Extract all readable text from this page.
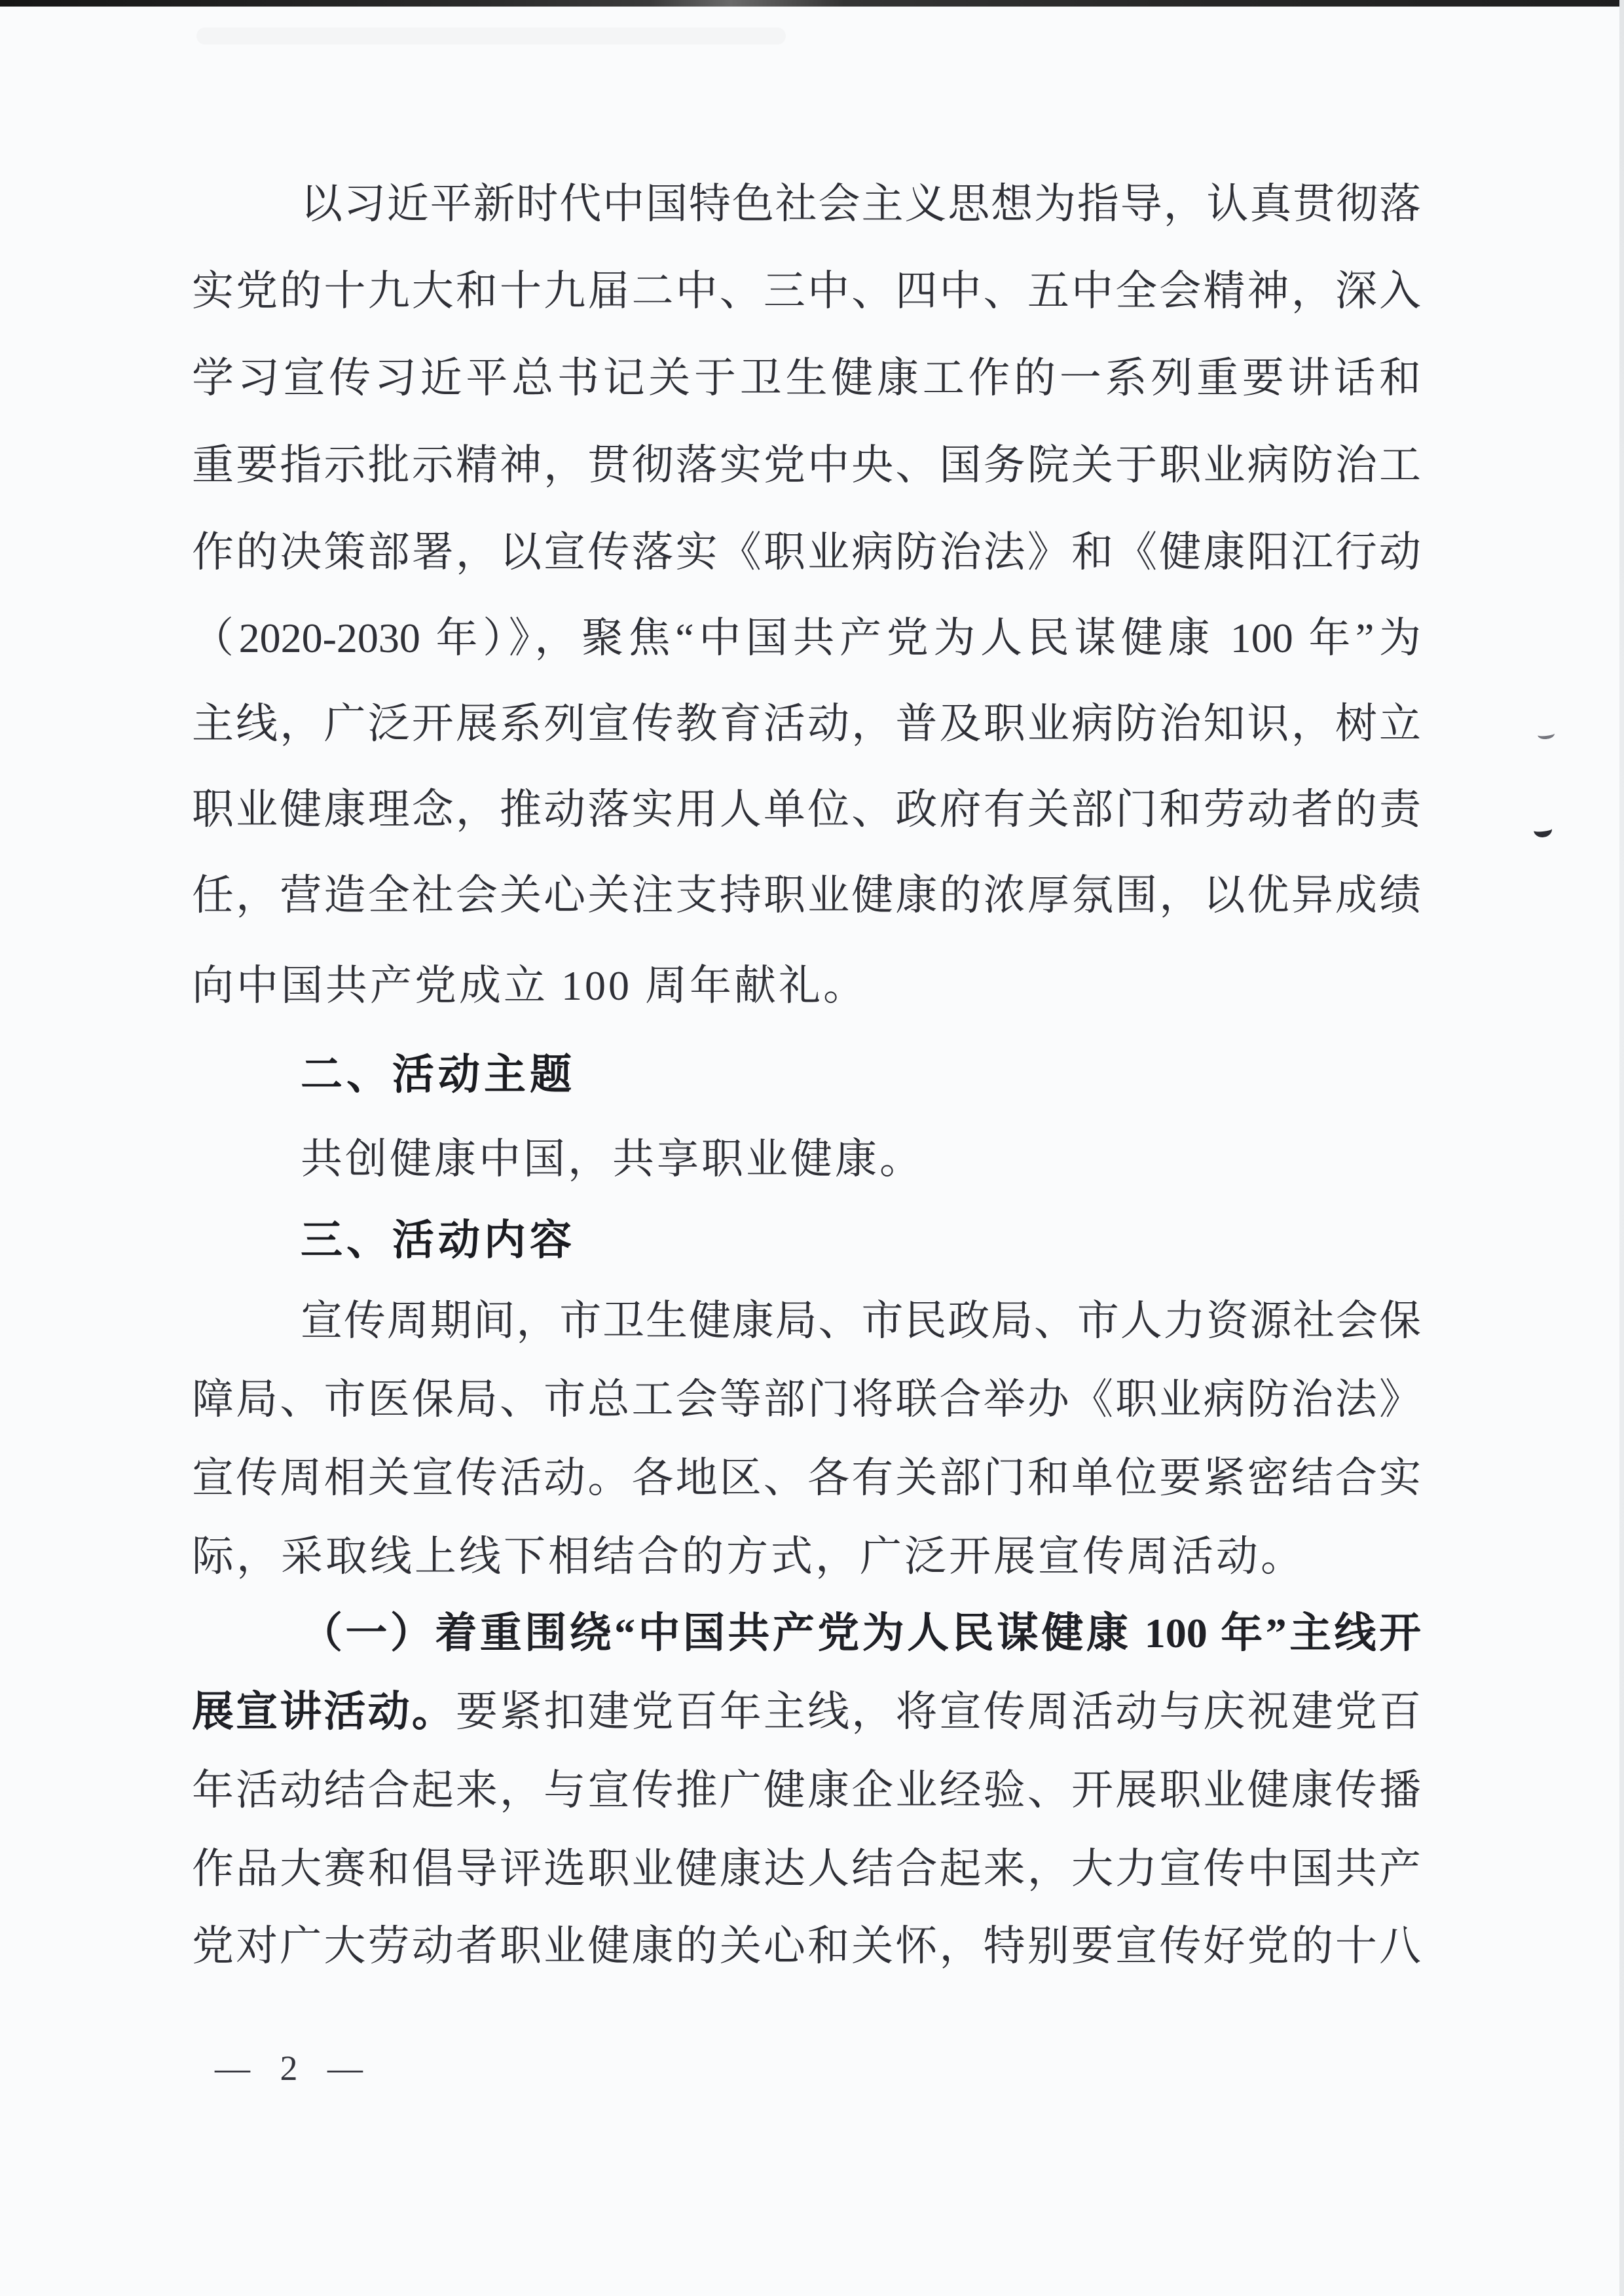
以习近平新时代中国特色社会主义思想为指导，认真贯彻落
实党的十九大和十九届二中、三中、四中、五中全会精神，深入
学习宣传习近平总书记关于卫生健康工作的一系列重要讲话和
重要指示批示精神，贯彻落实党中央、国务院关于职业病防治工
作的决策部署，以宣传落实《职业病防治法》和《健康阳江行动
（2020-2030 年）》，聚焦“中国共产党为人民谋健康 100 年”为
主线，广泛开展系列宣传教育活动，普及职业病防治知识，树立
职业健康理念，推动落实用人单位、政府有关部门和劳动者的责
任，营造全社会关心关注支持职业健康的浓厚氛围，以优异成绩
向中国共产党成立 100 周年献礼。
二、活动主题
共创健康中国，共享职业健康。
三、活动内容
宣传周期间，市卫生健康局、市民政局、市人力资源社会保
障局、市医保局、市总工会等部门将联合举办《职业病防治法》
宣传周相关宣传活动。各地区、各有关部门和单位要紧密结合实
际，采取线上线下相结合的方式，广泛开展宣传周活动。
（一）着重围绕“中国共产党为人民谋健康 100 年”主线开
展宣讲活动。要紧扣建党百年主线，将宣传周活动与庆祝建党百
年活动结合起来，与宣传推广健康企业经验、开展职业健康传播
作品大赛和倡导评选职业健康达人结合起来，大力宣传中国共产
党对广大劳动者职业健康的关心和关怀，特别要宣传好党的十八
— 2 —
